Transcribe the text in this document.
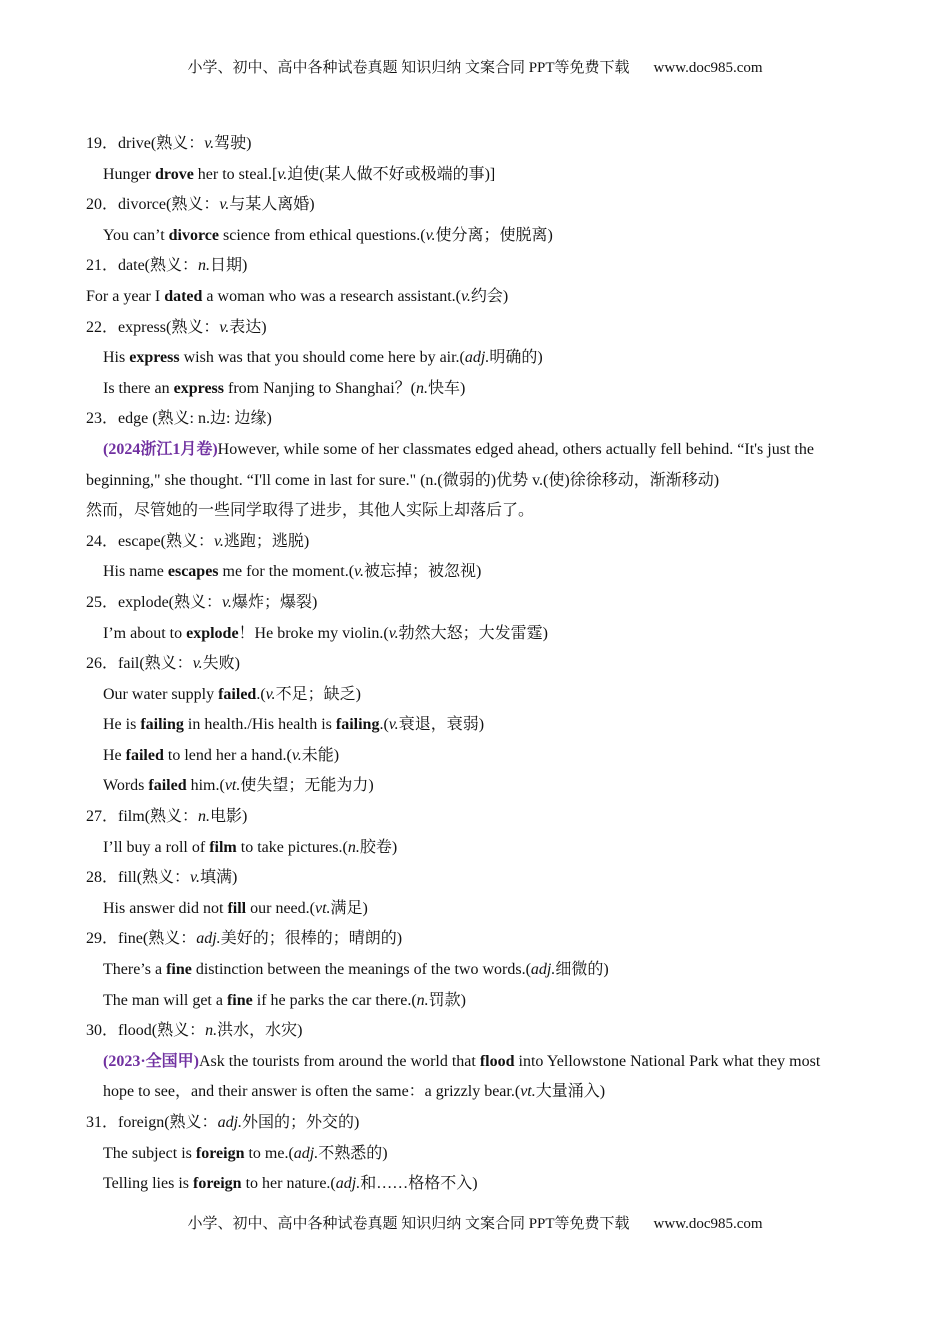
小学、初中、高中各种试卷真题 知识归纳 文案合同 PPT等免费下载 www.doc985.com

19．drive(熟义：v.驾驶)

Hunger drove her to steal.[v.迫使(某人做不好或极端的事)]

20．divorce(熟义：v.与某人离婚)

You can’t divorce science from ethical questions.(v.使分离；使脱离)

21．date(熟义：n.日期)

For a year I dated a woman who was a research assistant.(v.约会)

22．express(熟义：v.表达)

His express wish was that you should come here by air.(adj.明确的)

Is there an express from Nanjing to Shanghai？(n.快车)

23．edge (熟义: n.边: 边缘)

(2024浙江1月卷)However, while some of her classmates edged ahead, others actually fell behind. “It's just the

beginning," she thought. “I'll come in last for sure." (n.(微弱的)优势 v.(使)徐徐移动，渐渐移动)

然而，尽管她的一些同学取得了进步，其他人实际上却落后了。

24．escape(熟义：v.逃跑；逃脱)

His name escapes me for the moment.(v.被忘掉；被忽视)

25．explode(熟义：v.爆炸；爆裂)

I’m about to explode！He broke my violin.(v.勃然大怒；大发雷霆)

26．fail(熟义：v.失败)

Our water supply failed.(v.不足；缺乏)

He is failing in health./His health is failing.(v.衰退，衰弱)

He failed to lend her a hand.(v.未能)

Words failed him.(vt.使失望；无能为力)

27．film(熟义：n.电影)

I’ll buy a roll of film to take pictures.(n.胶卷)

28．fill(熟义：v.填满)

His answer did not fill our need.(vt.满足)

29．fine(熟义：adj.美好的；很棒的；晴朗的)

There’s a fine distinction between the meanings of the two words.(adj.细微的)

The man will get a fine if he parks the car there.(n.罚款)

30．flood(熟义：n.洪水，水灾)

(2023·全国甲)Ask the tourists from around the world that flood into Yellowstone National Park what they most

hope to see，and their answer is often the same：a grizzly bear.(vt.大量涌入)

31．foreign(熟义：adj.外国的；外交的)

The subject is foreign to me.(adj.不熟悉的)

Telling lies is foreign to her nature.(adj.和……格格不入)

小学、初中、高中各种试卷真题 知识归纳 文案合同 PPT等免费下载 www.doc985.com
